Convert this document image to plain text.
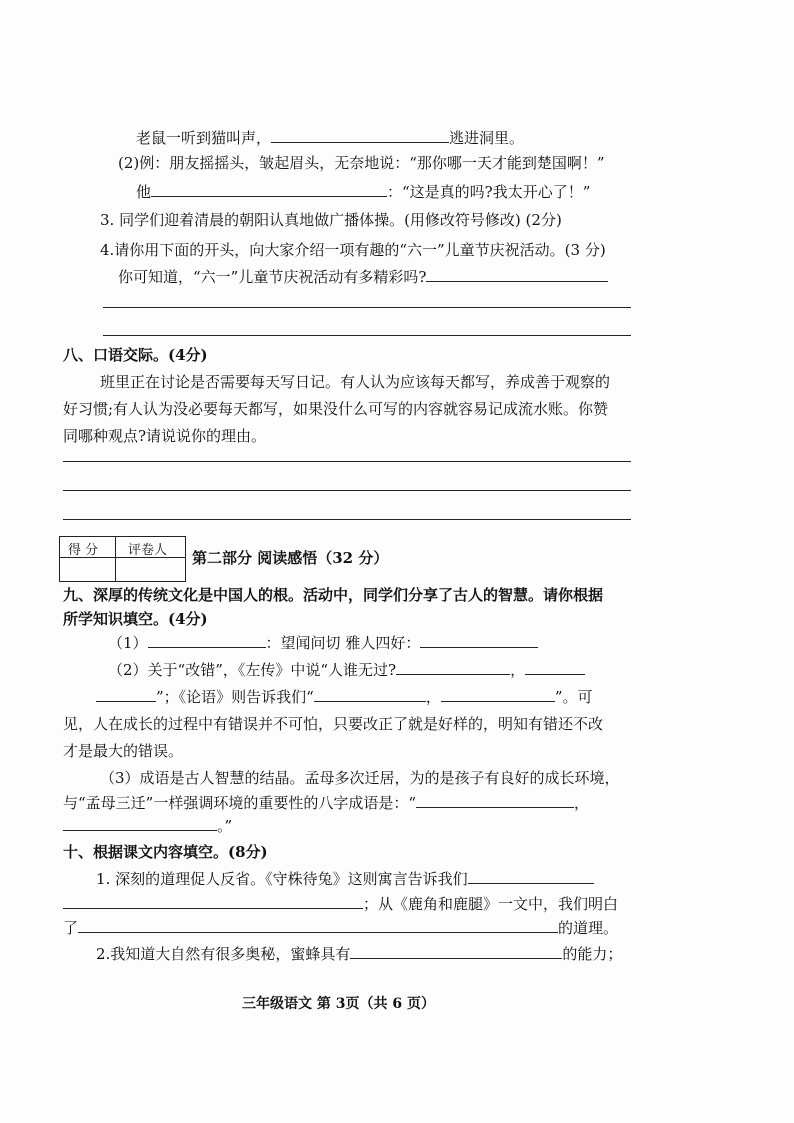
老鼠一听到猫叫声，	逃进洞里。
(2)例：朋友摇摇头，皱起眉头，无奈地说：“那你哪一天才能到楚国啊！”
他	：“这是真的吗?我太开心了！”
3. 同学们迎着清晨的朝阳认真地做广播体操。(用修改符号修改) (2分)
4.请你用下面的开头，向大家介绍一项有趣的“六一”儿童节庆祝活动。(3 分)
你可知道，“六一”儿童节庆祝活动有多精彩吗?
八、口语交际。(4分)
班里正在讨论是否需要每天写日记。有人认为应该每天都写，养成善于观察的
好习惯;有人认为没必要每天都写，如果没什么可写的内容就容易记成流水账。你赞
同哪种观点?请说说你的理由。
得 分 评卷人 第二部分 阅读感悟（32 分）
九、深厚的传统文化是中国人的根。活动中，同学们分享了古人的智慧。请你根据
所学知识填空。(4分)
（1）	：望闻问切 雅人四好：
（2）关于“改错”，《左传》中说“人谁无过?	，
”；《论语》则告诉我们“	，	”。可
见，人在成长的过程中有错误并不可怕，只要改正了就是好样的，明知有错还不改
才是最大的错误。
（3）成语是古人智慧的结晶。孟母多次迁居，为的是孩子有良好的成长环境，
与“孟母三迁”一样强调环境的重要性的八字成语是：“	，
。”
十、根据课文内容填空。(8分)
1. 深刻的道理促人反省。《守株待兔》这则寓言告诉我们
；从《鹿角和鹿腿》一文中，我们明白
了	的道理。
2.我知道大自然有很多奥秘，蜜蜂具有	的能力；
三年级语文 第 3页（共 6 页）
